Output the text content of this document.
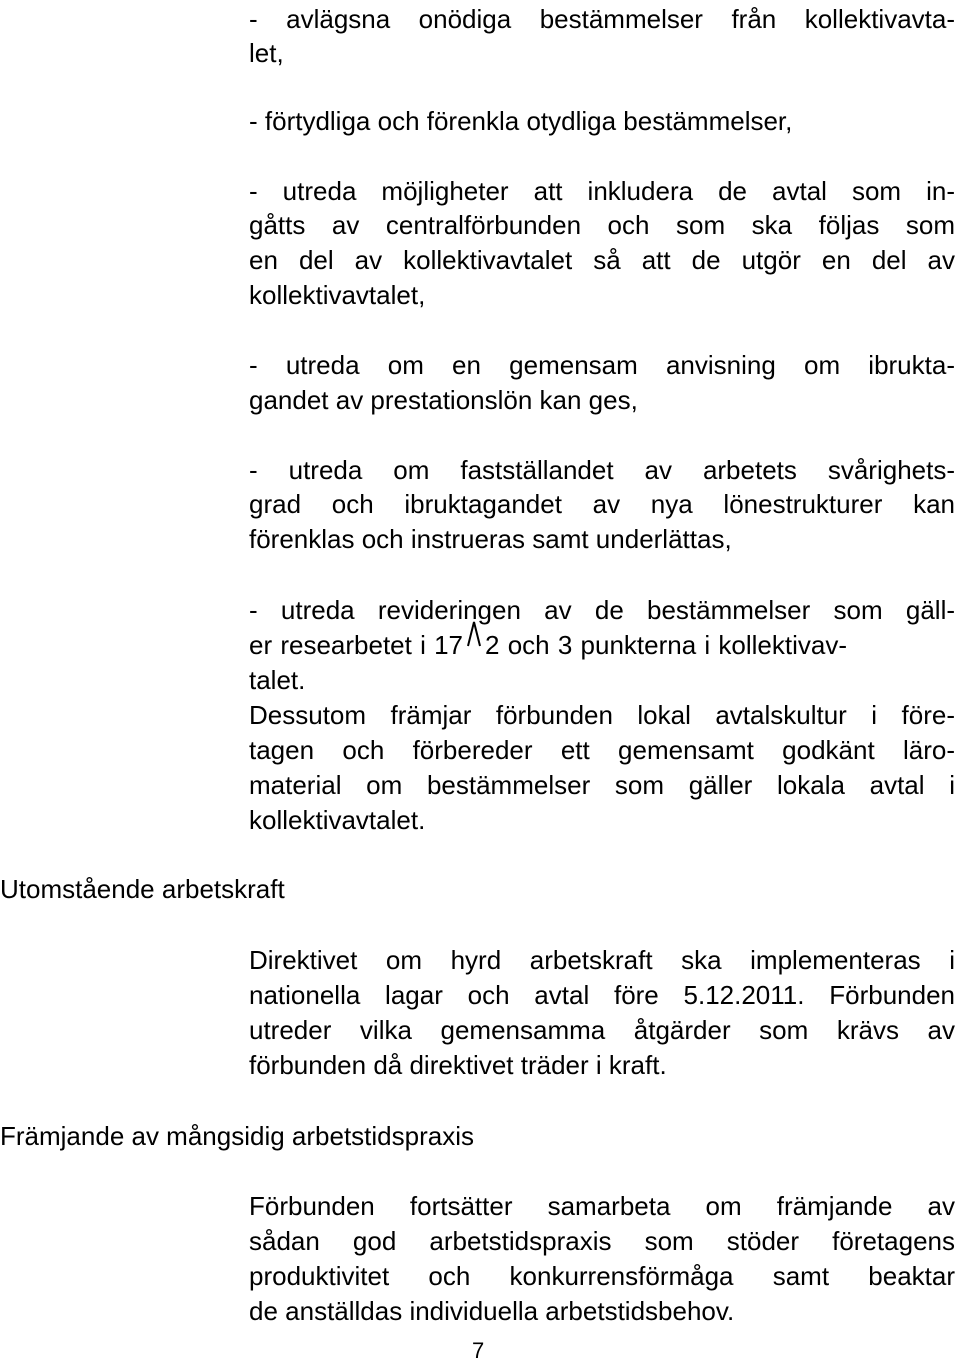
- avlägsna onödiga bestämmelser från kollektivavta-

let,

- förtydliga och förenkla otydliga bestämmelser,

- utreda möjligheter att inkludera de avtal som in-

gåtts av centralförbunden och som ska följas som

en del av kollektivavtalet så att de utgör en del av

kollektivavtalet,

- utreda om en gemensam anvisning om ibrukta-

gandet av prestationslön kan ges,

- utreda om fastställandet av arbetets svårighets-

grad och ibruktagandet av nya lönestrukturer kan

förenklas och instrueras samt underlättas,

- utreda revideringen av de bestämmelser som gäll-

er researbetet i 17 2 och 3 punkterna i kollektivav-

talet.

Dessutom främjar förbunden lokal avtalskultur i före-

tagen och förbereder ett gemensamt godkänt läro-

material om bestämmelser som gäller lokala avtal i

kollektivavtalet.

Utomstående arbetskraft

Direktivet om hyrd arbetskraft ska implementeras i

nationella lagar och avtal före 5.12.2011. Förbunden

utreder vilka gemensamma åtgärder som krävs av

förbunden då direktivet träder i kraft.

Främjande av mångsidig arbetstidspraxis

Förbunden fortsätter samarbeta om främjande av

sådan god arbetstidspraxis som stöder företagens

produktivitet och konkurrensförmåga samt beaktar

de anställdas individuella arbetstidsbehov.

7
